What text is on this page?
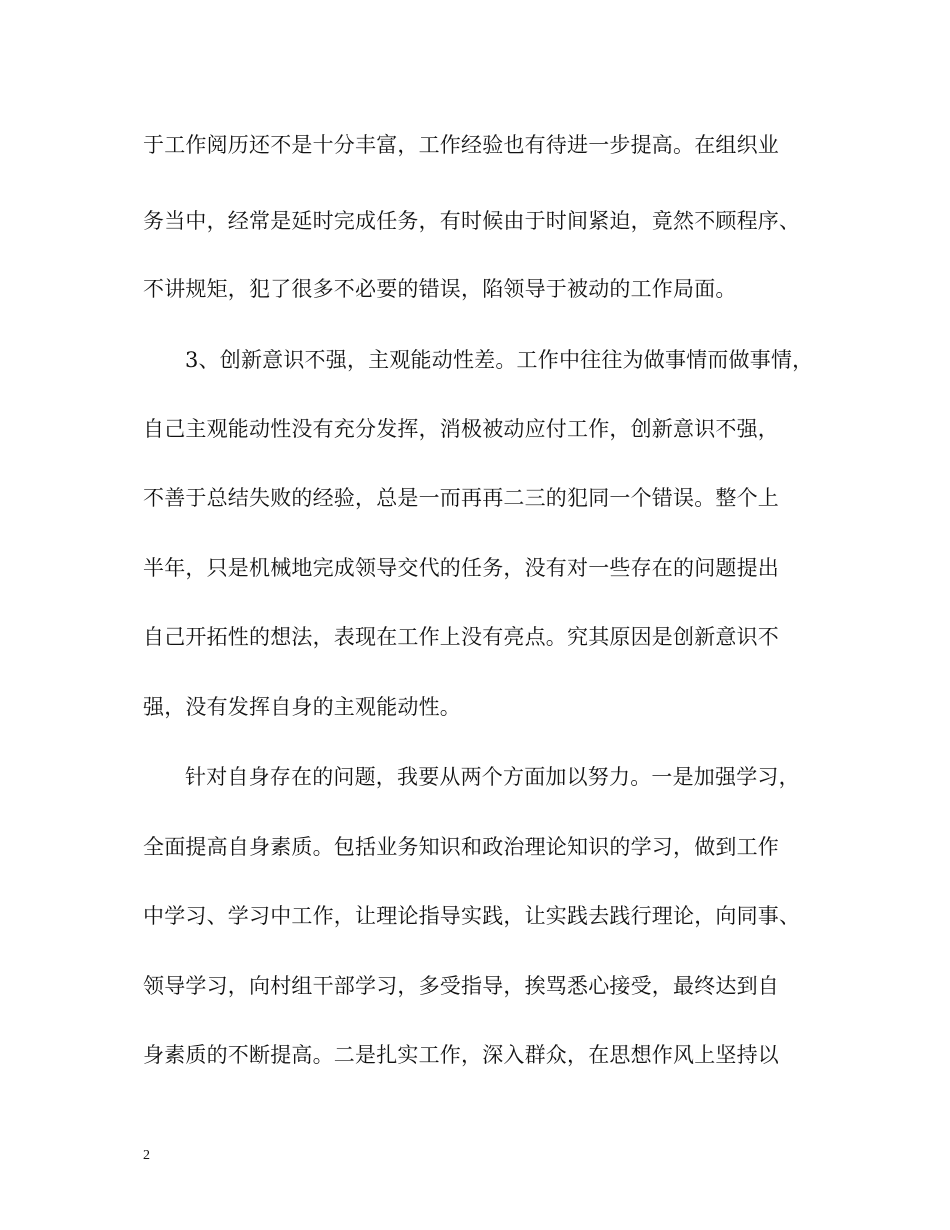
于工作阅历还不是十分丰富，工作经验也有待进一步提高。在组织业
务当中，经常是延时完成任务，有时候由于时间紧迫，竟然不顾程序、
不讲规矩，犯了很多不必要的错误，陷领导于被动的工作局面。
3、创新意识不强，主观能动性差。工作中往往为做事情而做事情，
自己主观能动性没有充分发挥，消极被动应付工作，创新意识不强，
不善于总结失败的经验，总是一而再再二三的犯同一个错误。整个上
半年，只是机械地完成领导交代的任务，没有对一些存在的问题提出
自己开拓性的想法，表现在工作上没有亮点。究其原因是创新意识不
强，没有发挥自身的主观能动性。
针对自身存在的问题，我要从两个方面加以努力。一是加强学习，
全面提高自身素质。包括业务知识和政治理论知识的学习，做到工作
中学习、学习中工作，让理论指导实践，让实践去践行理论，向同事、
领导学习，向村组干部学习，多受指导，挨骂悉心接受，最终达到自
身素质的不断提高。二是扎实工作，深入群众，在思想作风上坚持以
2
